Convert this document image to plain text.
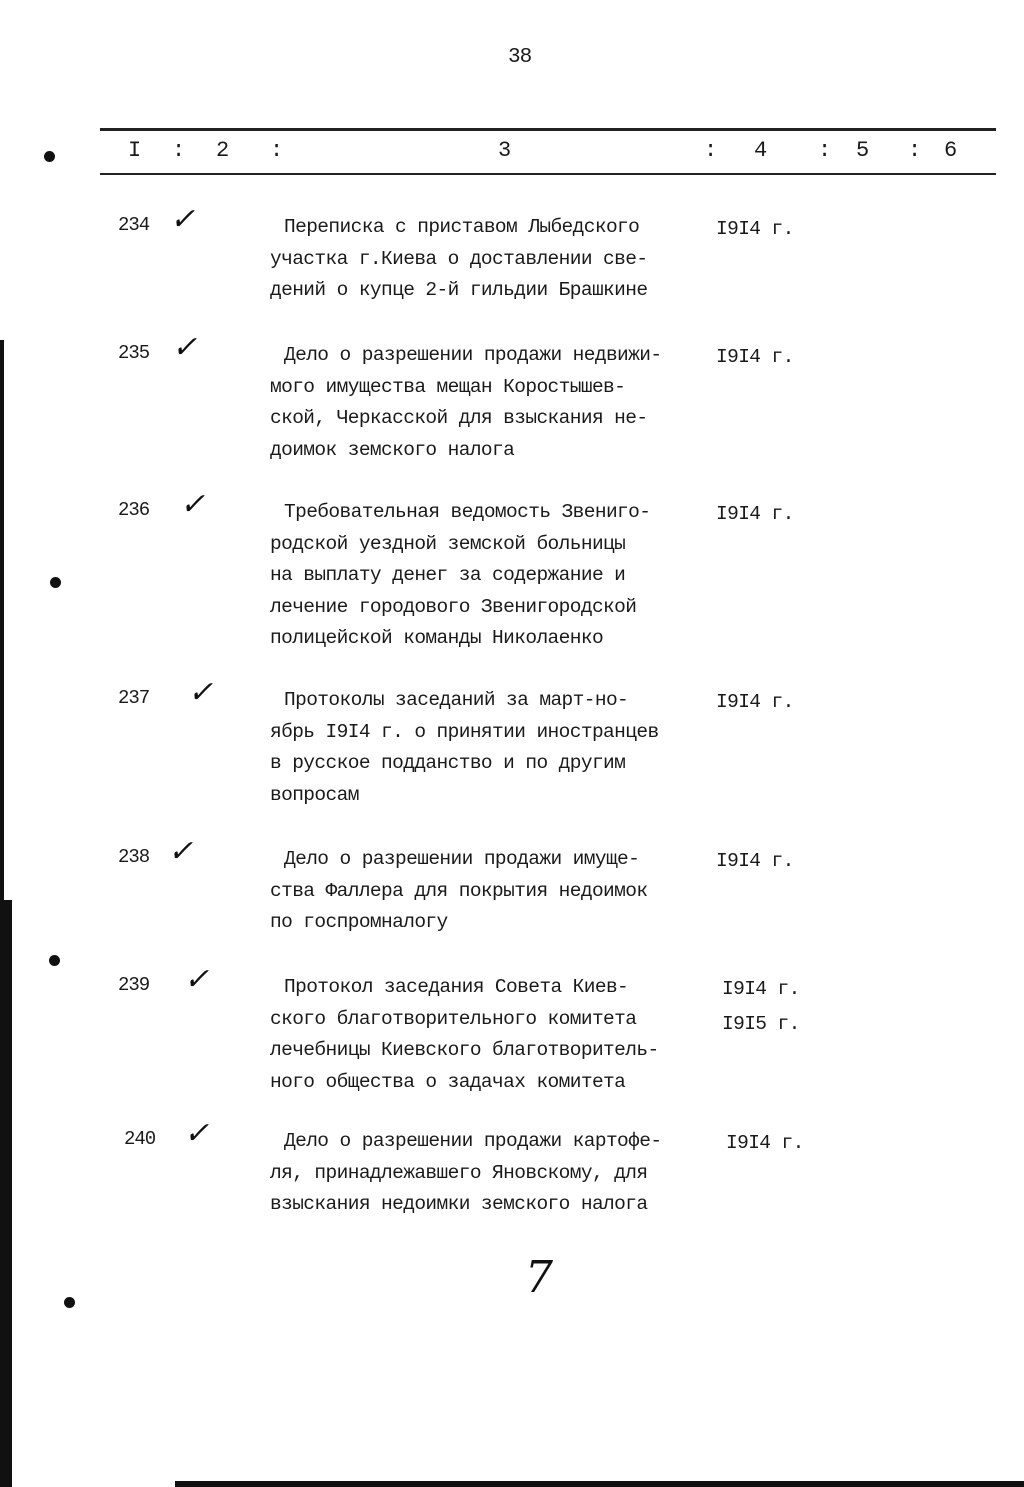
38
I : 2 :	3	: 4 : 5 : 6
234 ✓	Переписка с приставом Лыбедского
участка г.Киева о доставлении све-
дений о купце 2-й гильдии Брашкине
I9I4 г.
235 ✓	Дело о разрешении продажи недвижи-
мого имущества мещан Коростышев-
ской, Черкасской для взыскания не-
доимок земского налога
I9I4 г.
236 ✓	Требовательная ведомость Звениго-
родской уездной земской больницы
на выплату денег за содержание и
лечение городового Звенигородской
полицейской команды Николаенко
I9I4 г.
237 ✓	Протоколы заседаний за март-но-
ябрь I9I4 г. о принятии иностранцев
в русское подданство и по другим
вопросам
I9I4 г.
238 ✓	Дело о разрешении продажи имуще-
ства Фаллера для покрытия недоимок
по госпромналогу
I9I4 г.
239 ✓	Протокол заседания Совета Киев-
ского благотворительного комитета
лечебницы Киевского благотворитель-
ного общества о задачах комитета
I9I4 г.
I9I5 г.
240 ✓	Дело о разрешении продажи картофе-
ля, принадлежавшего Яновскому, для
взыскания недоимки земского налога
I9I4 г.
7
